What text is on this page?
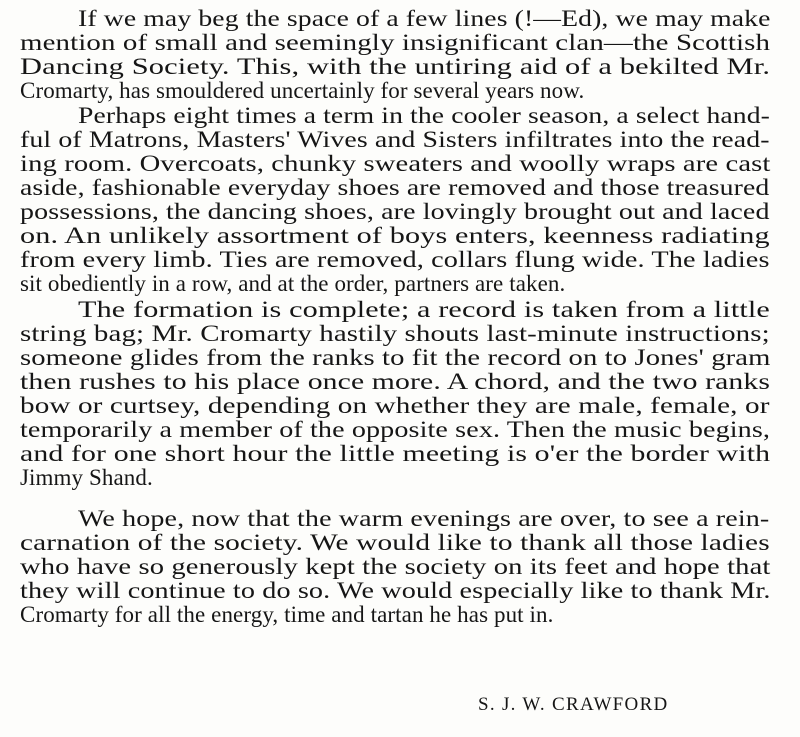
If we may beg the space of a few lines (!—Ed), we may make
mention of small and seemingly insignificant clan—the Scottish
Dancing Society. This, with the untiring aid of a bekilted Mr.
Cromarty, has smouldered uncertainly for several years now.
Perhaps eight times a term in the cooler season, a select hand-
ful of Matrons, Masters' Wives and Sisters infiltrates into the read-
ing room. Overcoats, chunky sweaters and woolly wraps are cast
aside, fashionable everyday shoes are removed and those treasured
possessions, the dancing shoes, are lovingly brought out and laced
on. An unlikely assortment of boys enters, keenness radiating
from every limb. Ties are removed, collars flung wide. The ladies
sit obediently in a row, and at the order, partners are taken.
The formation is complete; a record is taken from a little
string bag; Mr. Cromarty hastily shouts last-minute instructions;
someone glides from the ranks to fit the record on to Jones' gram
then rushes to his place once more. A chord, and the two ranks
bow or curtsey, depending on whether they are male, female, or
temporarily a member of the opposite sex. Then the music begins,
and for one short hour the little meeting is o'er the border with
Jimmy Shand.
We hope, now that the warm evenings are over, to see a rein-
carnation of the society. We would like to thank all those ladies
who have so generously kept the society on its feet and hope that
they will continue to do so. We would especially like to thank Mr.
Cromarty for all the energy, time and tartan he has put in.
S. J. W. CRAWFORD
